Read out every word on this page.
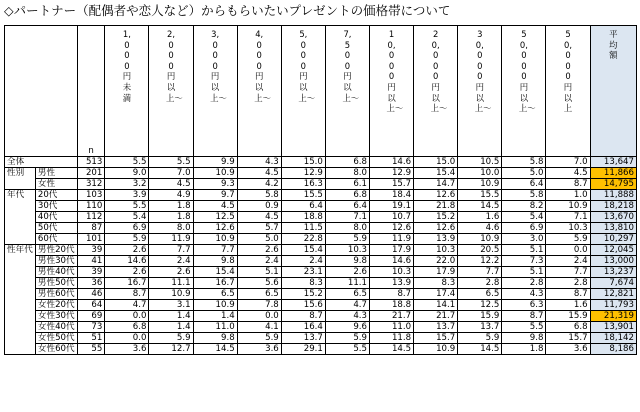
◇パートナー（配偶者や恋人など）からもらいたいプレゼントの価格帯について
		n	1,000円未満	2,000円以上〜	3,000円以上〜	4,000円以上〜	5,000円以上〜	7,500円以上〜	10,000円以上〜	20,000円以上〜	30,000円以上〜	50,000円以上〜	50,000円以上	平均額
全体		513	5.5	5.5	9.9	4.3	15.0	6.8	14.6	15.0	10.5	5.8	7.0	13,647
性別	男性	201	9.0	7.0	10.9	4.5	12.9	8.0	12.9	15.4	10.0	5.0	4.5	11,866
	女性	312	3.2	4.5	9.3	4.2	16.3	6.1	15.7	14.7	10.9	6.4	8.7	14,795
年代	20代	103	3.9	4.9	9.7	5.8	15.5	6.8	18.4	12.6	15.5	5.8	1.0	11,888
	30代	110	5.5	1.8	4.5	0.9	6.4	6.4	19.1	21.8	14.5	8.2	10.9	18,218
	40代	112	5.4	1.8	12.5	4.5	18.8	7.1	10.7	15.2	1.6	5.4	7.1	13,670
	50代	87	6.9	8.0	12.6	5.7	11.5	8.0	12.6	12.6	4.6	6.9	10.3	13,810
	60代	101	5.9	11.9	10.9	5.0	22.8	5.9	11.9	13.9	10.9	3.0	5.9	10,297
性年代	男性20代	39	2.6	7.7	7.7	2.6	15.4	10.3	17.9	10.3	20.5	5.1	0.0	12,045
	男性30代	41	14.6	2.4	9.8	2.4	2.4	9.8	14.6	22.0	12.2	7.3	2.4	13,000
	男性40代	39	2.6	2.6	15.4	5.1	23.1	2.6	10.3	17.9	7.7	5.1	7.7	13,237
	男性50代	36	16.7	11.1	16.7	5.6	8.3	11.1	13.9	8.3	2.8	2.8	2.8	7,674
	男性60代	46	8.7	10.9	6.5	6.5	15.2	6.5	8.7	17.4	6.5	4.3	8.7	12,821
	女性20代	64	4.7	3.1	10.9	7.8	15.6	4.7	18.8	14.1	12.5	6.3	1.6	11,793
	女性30代	69	0.0	1.4	1.4	0.0	8.7	4.3	21.7	21.7	15.9	8.7	15.9	21,319
	女性40代	73	6.8	1.4	11.0	4.1	16.4	9.6	11.0	13.7	13.7	5.5	6.8	13,901
	女性50代	51	0.0	5.9	9.8	5.9	13.7	5.9	11.8	15.7	5.9	9.8	15.7	18,142
	女性60代	55	3.6	12.7	14.5	3.6	29.1	5.5	14.5	10.9	14.5	1.8	3.6	8,186
